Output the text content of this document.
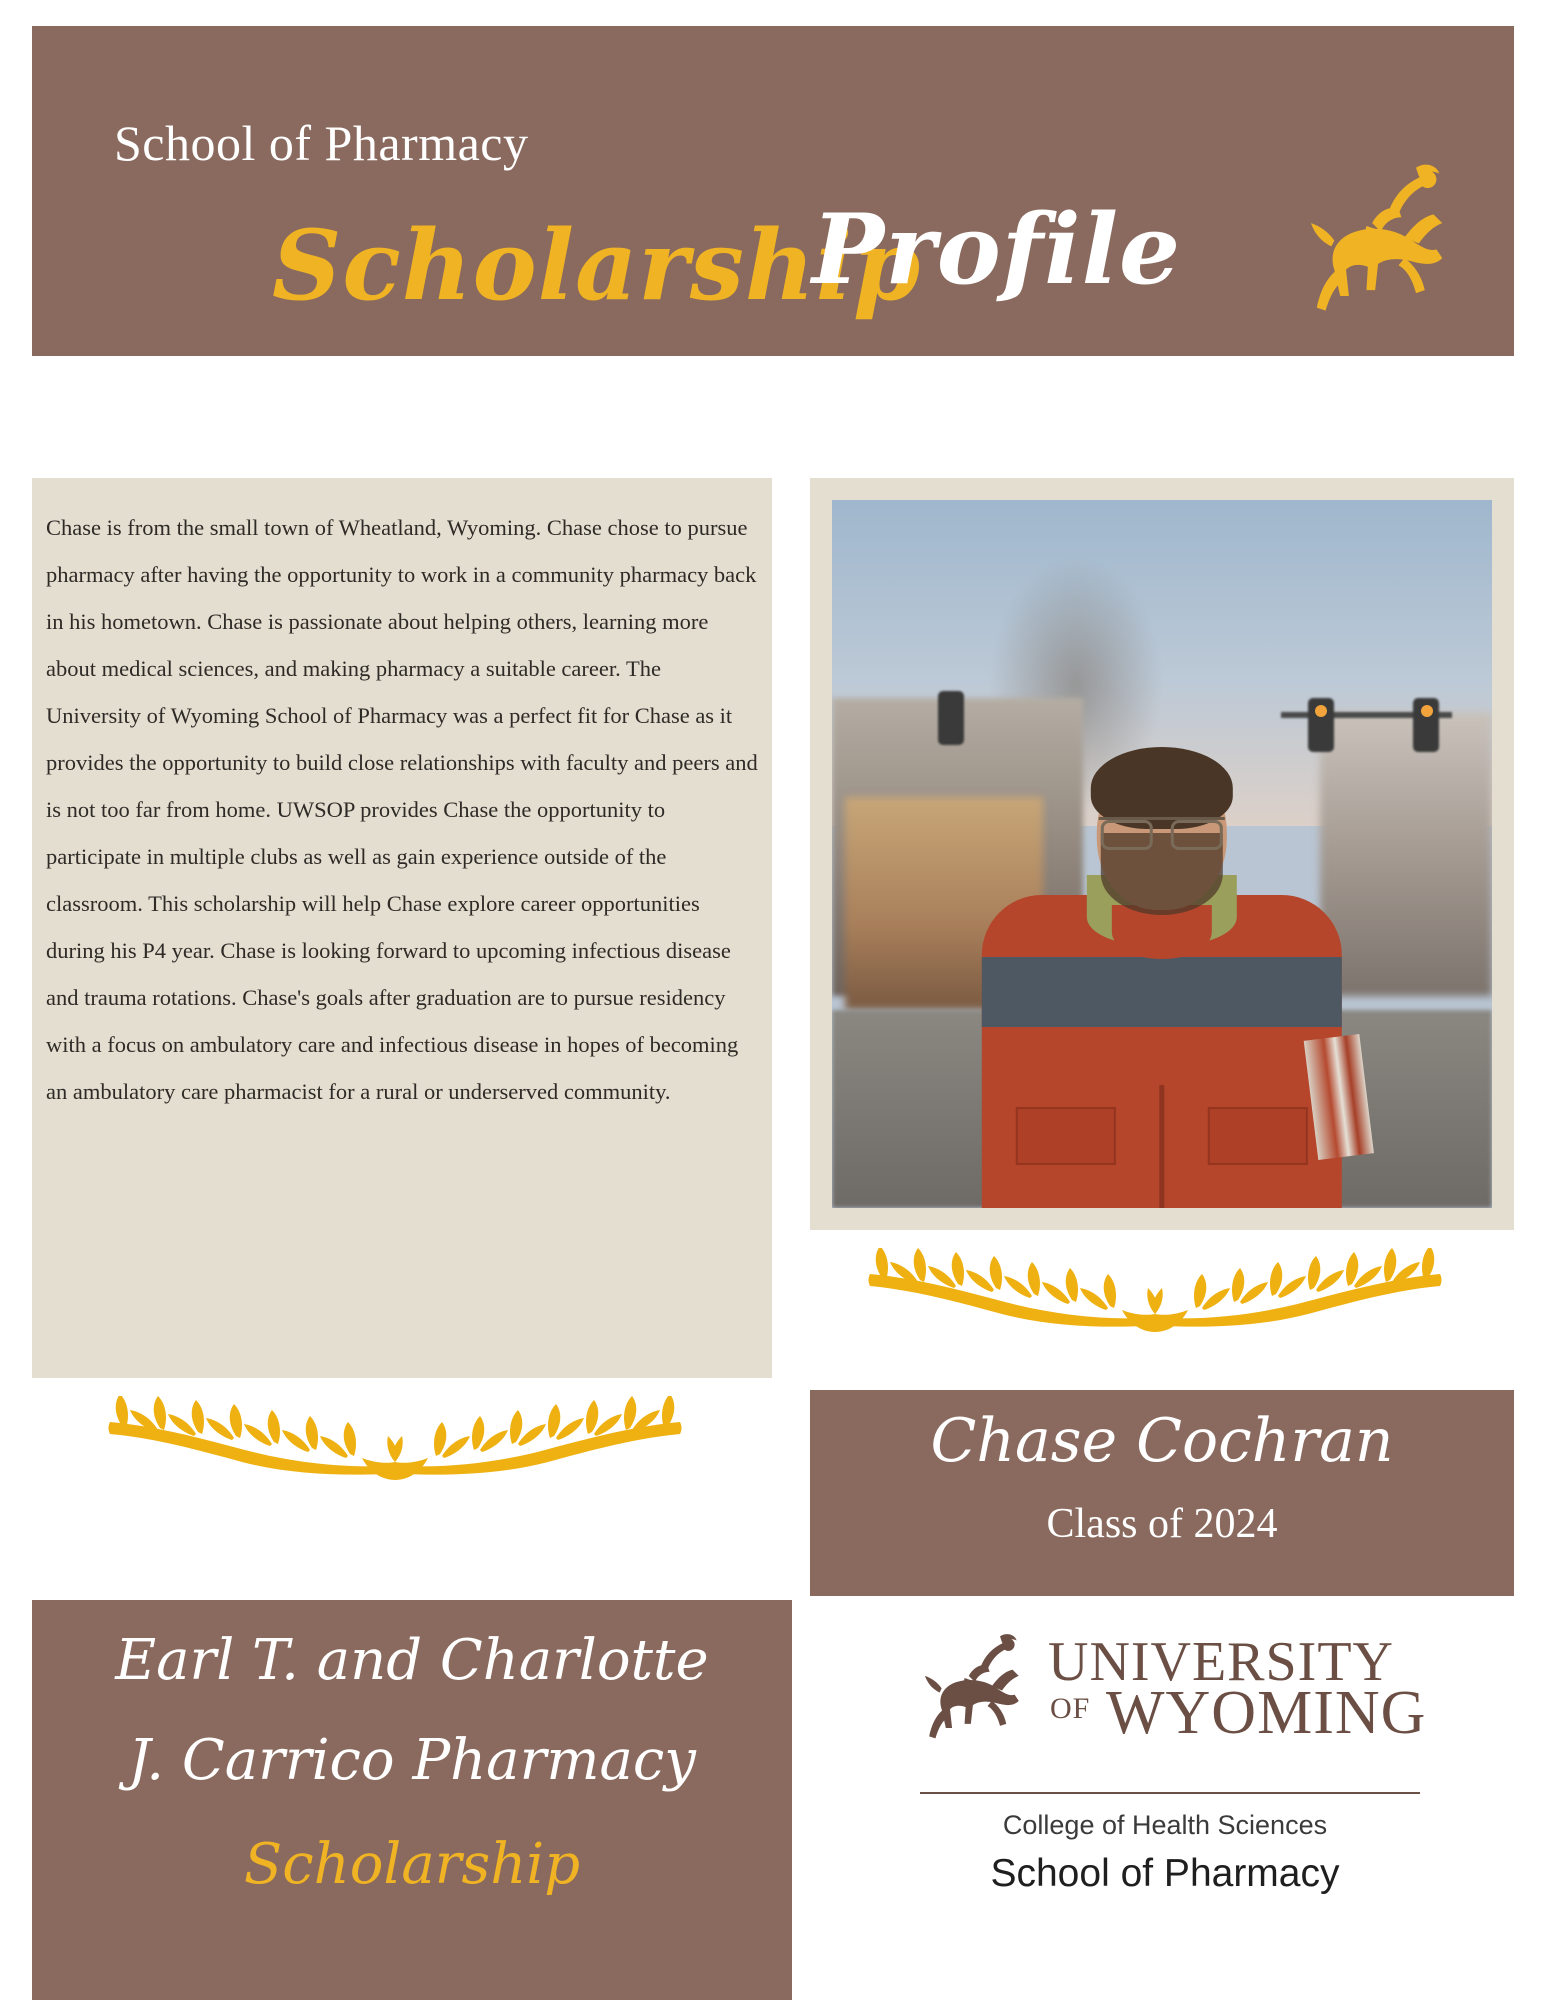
School of Pharmacy
Scholarship
Profile
Chase is from the small town of Wheatland, Wyoming. Chase chose to pursue pharmacy after having the opportunity to work in a community pharmacy back in his hometown. Chase is passionate about helping others, learning more about medical sciences, and making pharmacy a suitable career. The University of Wyoming School of Pharmacy was a perfect fit for Chase as it provides the opportunity to build close relationships with faculty and peers and is not too far from home. UWSOP provides Chase the opportunity to participate in multiple clubs as well as gain experience outside of the classroom. This scholarship will help Chase explore career opportunities during his P4 year. Chase is looking forward to upcoming infectious disease and trauma rotations. Chase's goals after graduation are to pursue residency with a focus on ambulatory care and infectious disease in hopes of becoming an ambulatory care pharmacist for a rural or underserved community.
Chase Cochran
Class of 2024
Earl T. and Charlotte
J. Carrico Pharmacy
Scholarship
UNIVERSITY
OF WYOMING
College of Health Sciences
School of Pharmacy
